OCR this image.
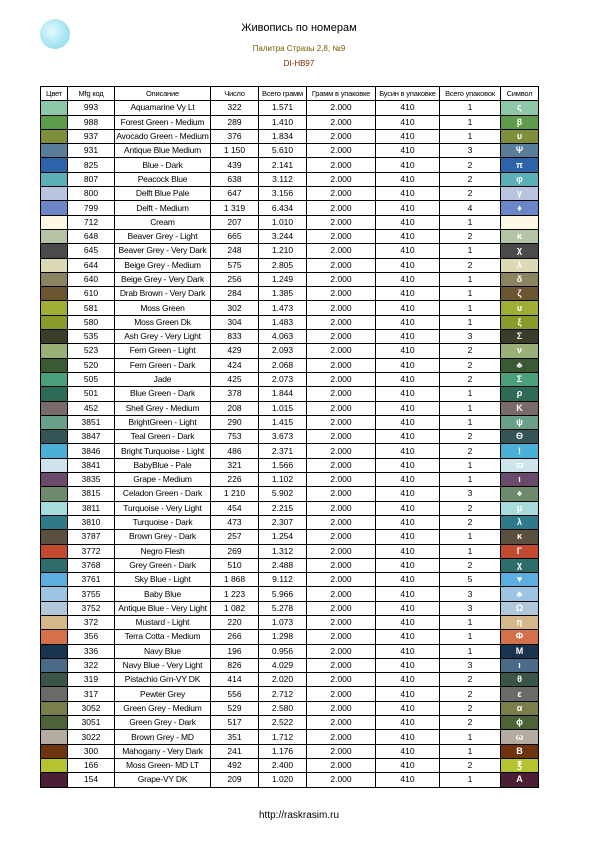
Живопись по номерам
Палитра Стразы 2,8, №9
DI-HB97
Цвет	Mfg код	Описание	Число	Всего грамм	Грамм в упаковке	Бусин в упаковке	Всего упаковок	Символ
	993	Aquamarine Vy Lt	322	1.571	2.000	410	1	ς
	988	Forest Green - Medium	289	1.410	2.000	410	1	β
	937	Avocado Green - Medium	376	1.834	2.000	410	1	υ
	931	Antique Blue Medium	1 150	5.610	2.000	410	3	Ψ
	825	Blue - Dark	439	2.141	2.000	410	2	π
	807	Peacock Blue	638	3.112	2.000	410	2	φ
	800	Delft Blue Pale	647	3.156	2.000	410	2	γ
	799	Delft - Medium	1 319	6.434	2.000	410	4	♦
	712	Cream	207	1.010	2.000	410	1	↓
	648	Beaver Grey - Light	665	3.244	2.000	410	2	κ
	645	Beaver Grey - Very Dark	248	1.210	2.000	410	1	χ
	644	Beige Grey - Medium	575	2.805	2.000	410	2	λ
	640	Beige Grey - Very Dark	256	1.249	2.000	410	1	δ
	610	Drab Brown - Very Dark	284	1.385	2.000	410	1	ζ
	581	Moss Green	302	1.473	2.000	410	1	υ
	580	Moss Green Dk	304	1.483	2.000	410	1	ξ
	535	Ash Grey - Very Light	833	4.063	2.000	410	3	Σ
	523	Fern Green - Light	429	2.093	2.000	410	2	ν
	520	Fern Green - Dark	424	2.068	2.000	410	2	♣
	505	Jade	425	2.073	2.000	410	2	Σ
	501	Blue Green - Dark	378	1.844	2.000	410	1	ρ
	452	Shell Grey - Medium	208	1.015	2.000	410	1	Κ
	3851	BrightGreen - Light	290	1.415	2.000	410	1	ψ
	3847	Teal Green - Dark	753	3.673	2.000	410	2	Θ
	3846	Bright Turquoise - Light	486	2.371	2.000	410	2	!
	3841	BabyBlue - Pale	321	1.566	2.000	410	1	ϖ
	3835	Grape - Medium	226	1.102	2.000	410	1	ι
	3815	Celadon Green - Dark	1 210	5.902	2.000	410	3	♠
	3811	Turquoise - Very Light	454	2.215	2.000	410	2	μ
	3810	Turquoise - Dark	473	2.307	2.000	410	2	λ
	3787	Brown Grey - Dark	257	1.254	2.000	410	1	κ
	3772	Negro Flesh	269	1.312	2.000	410	1	Γ
	3768	Grey Green - Dark	510	2.488	2.000	410	2	χ
	3761	Sky Blue - Light	1 868	9.112	2.000	410	5	♥
	3755	Baby Blue	1 223	5.966	2.000	410	3	♣
	3752	Antique Blue - Very Light	1 082	5.278	2.000	410	3	Ω
	372	Mustard - Light	220	1.073	2.000	410	1	η
	356	Terra Cotta - Medium	266	1.298	2.000	410	1	Φ
	336	Navy Blue	196	0.956	2.000	410	1	Μ
	322	Navy Blue - Very Light	826	4.029	2.000	410	3	ι
	319	Pistachio Grn-VY DK	414	2.020	2.000	410	2	θ
	317	Pewter Grey	556	2.712	2.000	410	2	ε
	3052	Green Grey - Medium	529	2.580	2.000	410	2	α
	3051	Green Grey - Dark	517	2.522	2.000	410	2	ϕ
	3022	Brown Grey - MD	351	1.712	2.000	410	1	ω
	300	Mahogany - Very Dark	241	1.176	2.000	410	1	Β
	166	Moss Green- MD LT	492	2.400	2.000	410	2	℥
	154	Grape-VY DK	209	1.020	2.000	410	1	Α
http://raskrasim.ru
